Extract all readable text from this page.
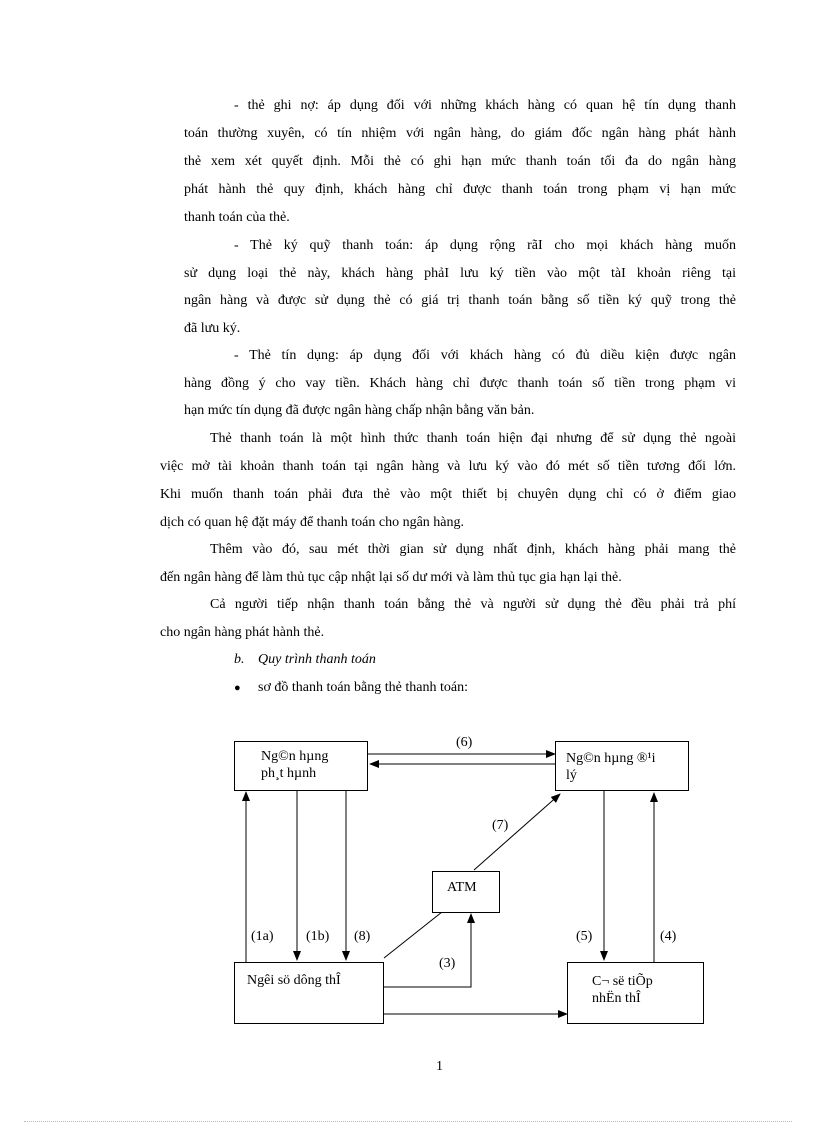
- thẻ ghi nợ: áp dụng đối với những khách hàng có quan hệ tín dụng thanh
toán thường xuyên, có tín nhiệm với ngân hàng, do giám đốc ngân hàng phát hành
thẻ xem xét quyết định. Mỗi thẻ có ghi hạn mức thanh toán tối đa do ngân hàng
phát hành thẻ quy định, khách hàng chỉ được thanh toán trong phạm vị hạn mức
thanh toán của thẻ.
- Thẻ ký quỹ thanh toán: áp dụng rộng rãI cho mọi khách hàng muốn
sử dụng loại thẻ này, khách hàng phảI lưu ký tiền vào một tàI khoản riêng tại
ngân hàng và được sử dụng thẻ có giá trị thanh toán bằng số tiền ký quỹ trong thẻ
đã lưu ký.
- Thẻ tín dụng: áp dụng đối với khách hàng có đủ diều kiện được ngân
hàng đồng ý cho vay tiền. Khách hàng chỉ được thanh toán số tiền trong phạm vi
hạn mức tín dụng đã được ngân hàng chấp nhận bằng văn bản.
Thẻ thanh toán là một hình thức thanh toán hiện đại nhưng để sử dụng thẻ ngoài
việc mở tài khoản thanh toán tại ngân hàng và lưu ký vào đó mét số tiền tương đối lớn.
Khi muốn thanh toán phải đưa thẻ vào một thiết bị chuyên dụng chỉ có ở điểm giao
dịch có quan hệ đặt máy để thanh toán cho ngân hàng.
Thêm vào đó, sau mét thời gian sử dụng nhất định, khách hàng phải mang thẻ
đến ngân hàng để làm thủ tục cập nhật lại số dư mới và làm thủ tục gia hạn lại thẻ.
Cả người tiếp nhận thanh toán bằng thẻ và người sử dụng thẻ đều phải trả phí
cho ngân hàng phát hành thẻ.
b. Quy trình thanh toán
● sơ đồ thanh toán bằng thẻ thanh toán:
Ng©n hµng
ph¸t hµnh
Ng©n hµng ®¹i
lý
ATM
Ngêi sö dông thÎ	C¬ së tiÕp
nhËn thÎ
(6)
(7)
(1a) (1b) (8)
(3)
(5)	(4)
1
